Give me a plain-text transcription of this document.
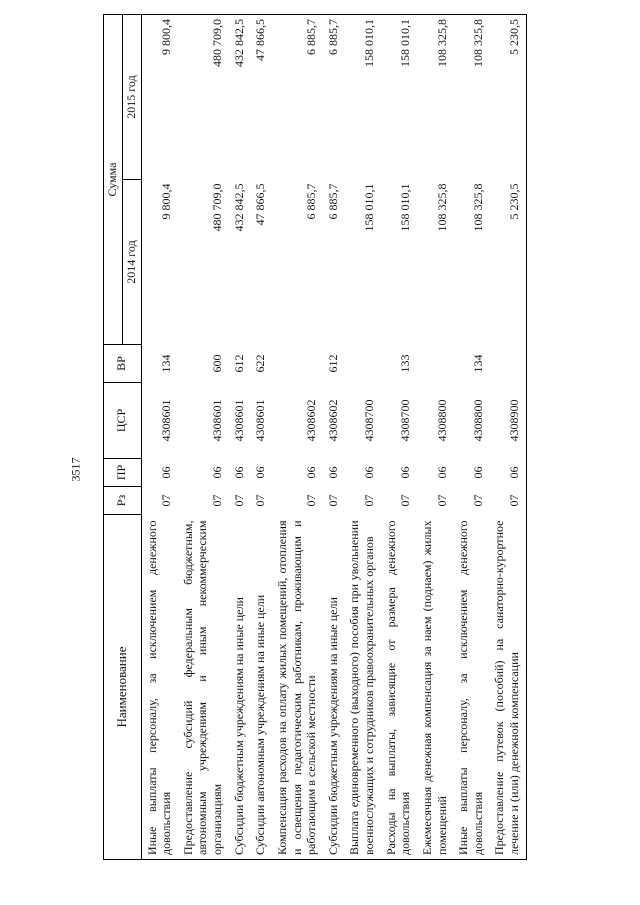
3517
Наименование	Рз	ПР	ЦСР	ВР	Сумма	
					2014 год	2015 год
Иные выплаты персоналу, за исключением денежного довольствия	07	06	4308601	134	9 800,4	9 800,4
Предоставление субсидий федеральным бюджетным, автономным учреждениям и иным некоммерческим организациям	07	06	4308601	600	480 709,0	480 709,0
Субсидии бюджетным учреждениям на иные цели	07	06	4308601	612	432 842,5	432 842,5
Субсидии автономным учреждениям на иные цели	07	06	4308601	622	47 866,5	47 866,5
Компенсация расходов на оплату жилых помещений, отопления и освещения педагогическим работникам, проживающим и работающим в сельской местности	07	06	4308602		6 885,7	6 885,7
Субсидии бюджетным учреждениям на иные цели	07	06	4308602	612	6 885,7	6 885,7
Выплата единовременного (выходного) пособия при увольнении военнослужащих и сотрудников правоохранительных органов	07	06	4308700		158 010,1	158 010,1
Расходы на выплаты, зависящие от размера денежного довольствия	07	06	4308700	133	158 010,1	158 010,1
Ежемесячная денежная компенсация за наем (поднаем) жилых помещений	07	06	4308800		108 325,8	108 325,8
Иные выплаты персоналу, за исключением денежного довольствия	07	06	4308800	134	108 325,8	108 325,8
Предоставление путевок (пособий) на санаторно-курортное лечение и (или) денежной компенсации	07	06	4308900		5 230,5	5 230,5
